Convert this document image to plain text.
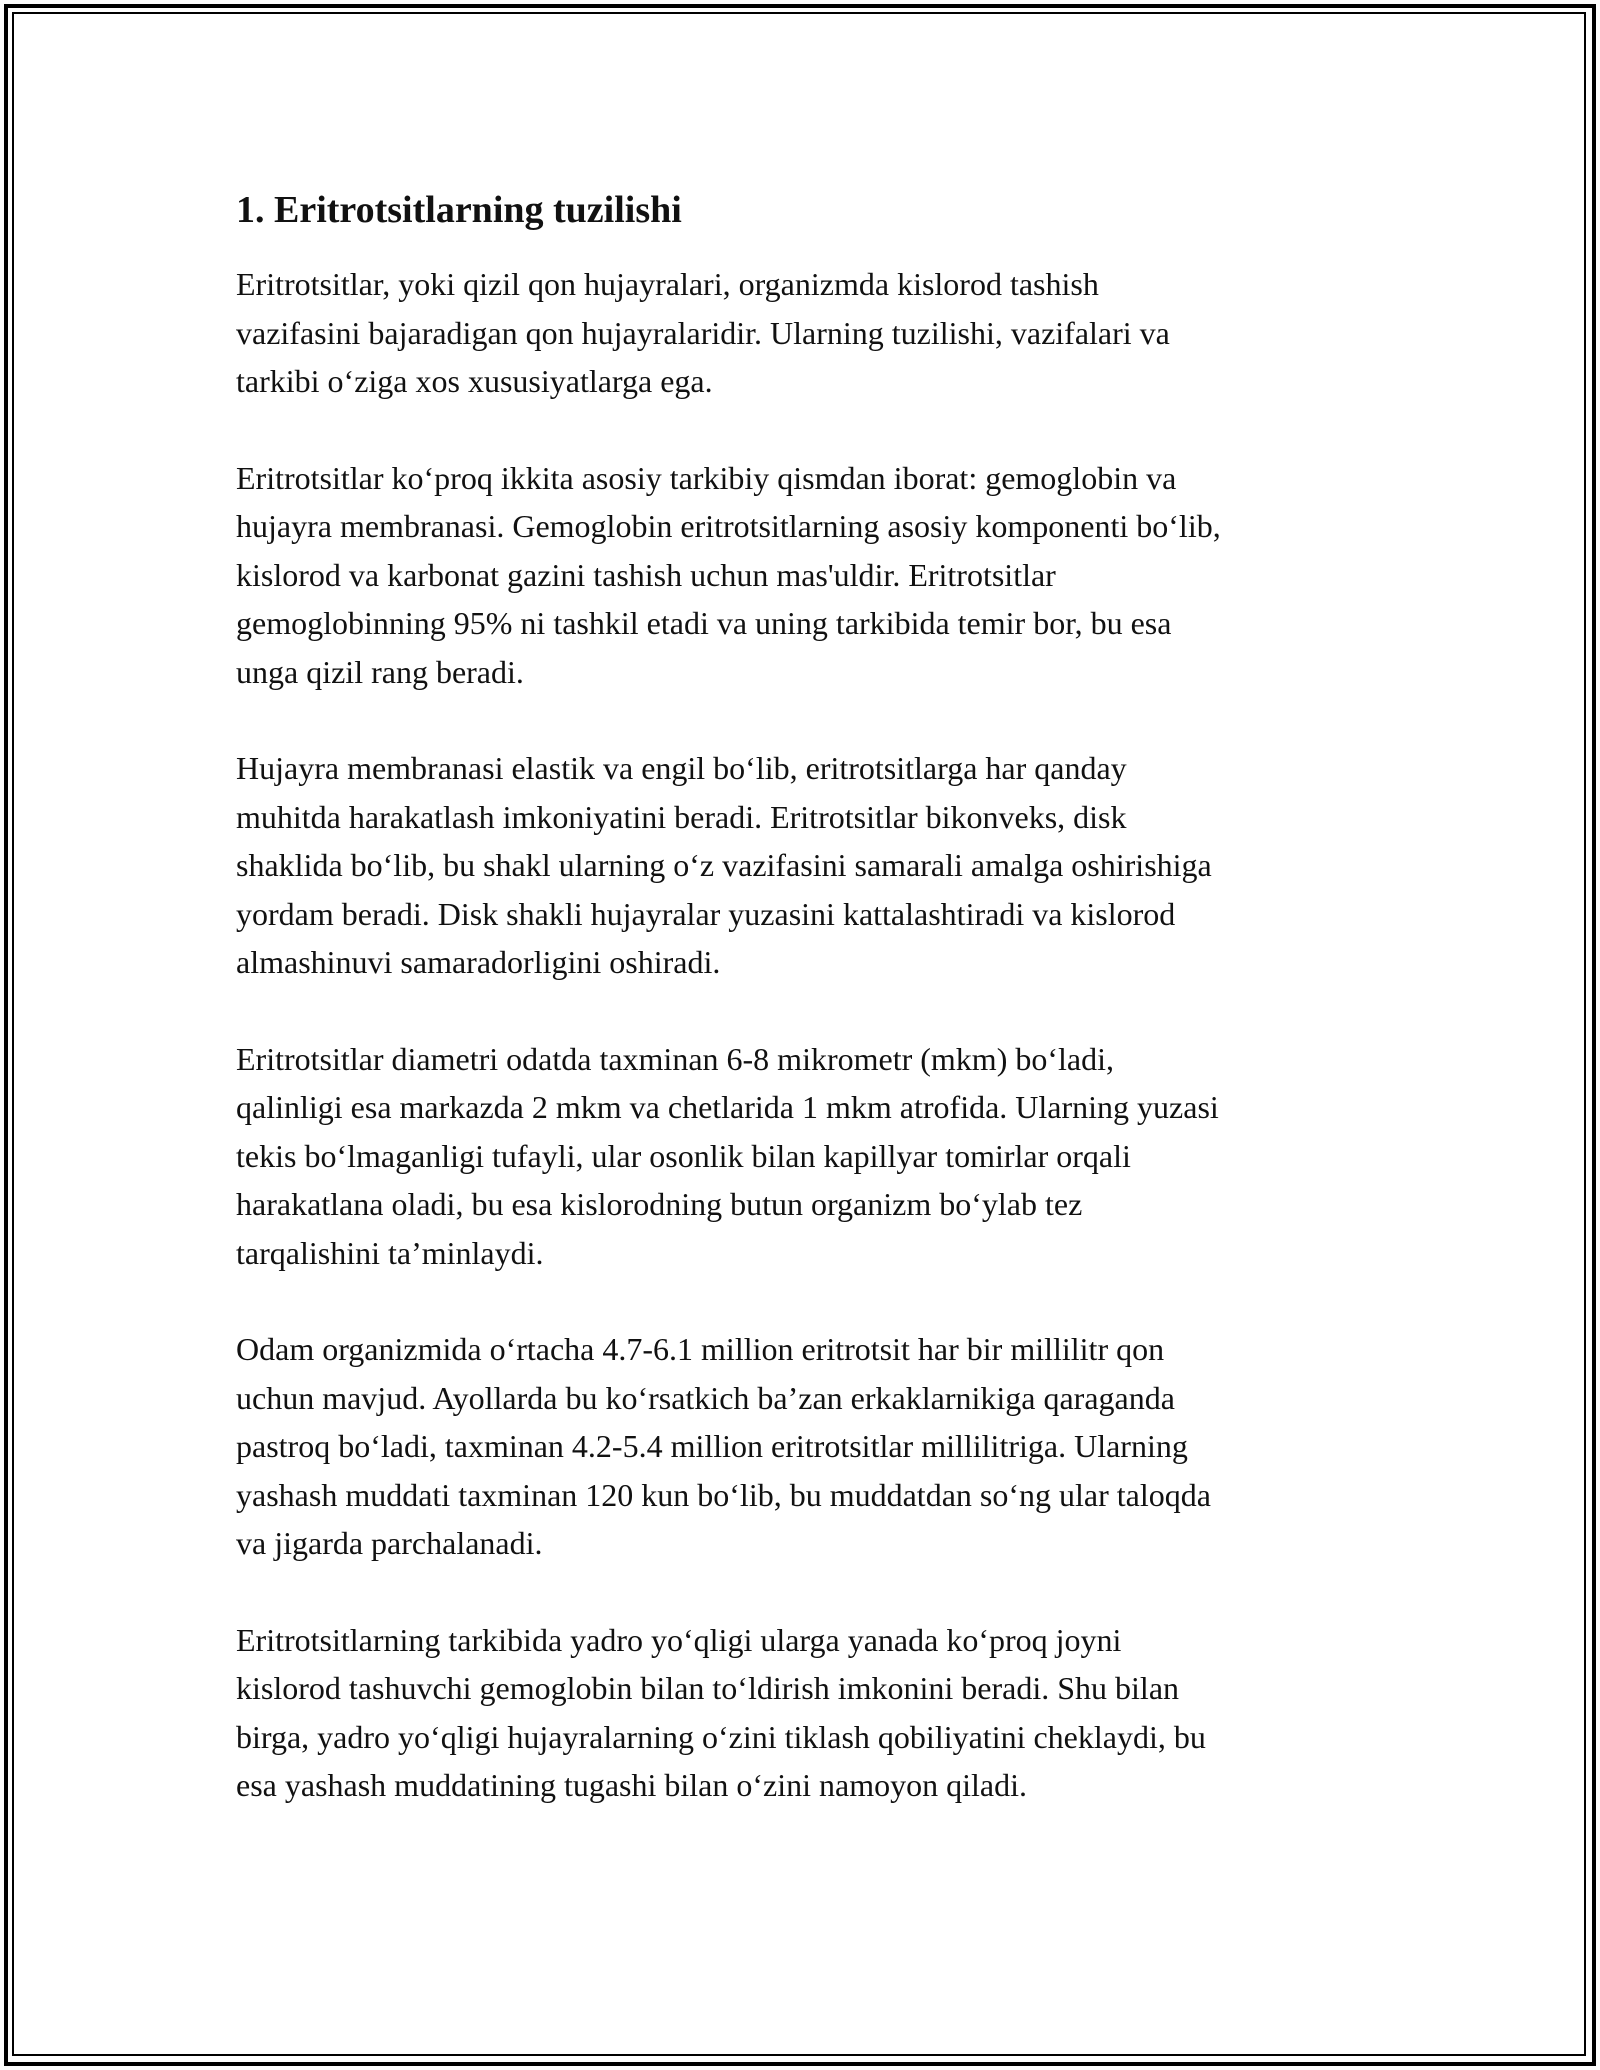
1. Eritrotsitlarning tuzilishi

Eritrotsitlar, yoki qizil qon hujayralari, organizmda kislorod tashish
vazifasini bajaradigan qon hujayralaridir. Ularning tuzilishi, vazifalari va
tarkibi o‘ziga xos xususiyatlarga ega.

Eritrotsitlar ko‘proq ikkita asosiy tarkibiy qismdan iborat: gemoglobin va
hujayra membranasi. Gemoglobin eritrotsitlarning asosiy komponenti bo‘lib,
kislorod va karbonat gazini tashish uchun mas'uldir. Eritrotsitlar
gemoglobinning 95% ni tashkil etadi va uning tarkibida temir bor, bu esa
unga qizil rang beradi.

Hujayra membranasi elastik va engil bo‘lib, eritrotsitlarga har qanday
muhitda harakatlash imkoniyatini beradi. Eritrotsitlar bikonveks, disk
shaklida bo‘lib, bu shakl ularning o‘z vazifasini samarali amalga oshirishiga
yordam beradi. Disk shakli hujayralar yuzasini kattalashtiradi va kislorod
almashinuvi samaradorligini oshiradi.

Eritrotsitlar diametri odatda taxminan 6-8 mikrometr (mkm) bo‘ladi,
qalinligi esa markazda 2 mkm va chetlarida 1 mkm atrofida. Ularning yuzasi
tekis bo‘lmaganligi tufayli, ular osonlik bilan kapillyar tomirlar orqali
harakatlana oladi, bu esa kislorodning butun organizm bo‘ylab tez
tarqalishini ta’minlaydi.

Odam organizmida o‘rtacha 4.7-6.1 million eritrotsit har bir millilitr qon
uchun mavjud. Ayollarda bu ko‘rsatkich ba’zan erkaklarnikiga qaraganda
pastroq bo‘ladi, taxminan 4.2-5.4 million eritrotsitlar millilitriga. Ularning
yashash muddati taxminan 120 kun bo‘lib, bu muddatdan so‘ng ular taloqda
va jigarda parchalanadi.

Eritrotsitlarning tarkibida yadro yo‘qligi ularga yanada ko‘proq joyni
kislorod tashuvchi gemoglobin bilan to‘ldirish imkonini beradi. Shu bilan
birga, yadro yo‘qligi hujayralarning o‘zini tiklash qobiliyatini cheklaydi, bu
esa yashash muddatining tugashi bilan o‘zini namoyon qiladi.
